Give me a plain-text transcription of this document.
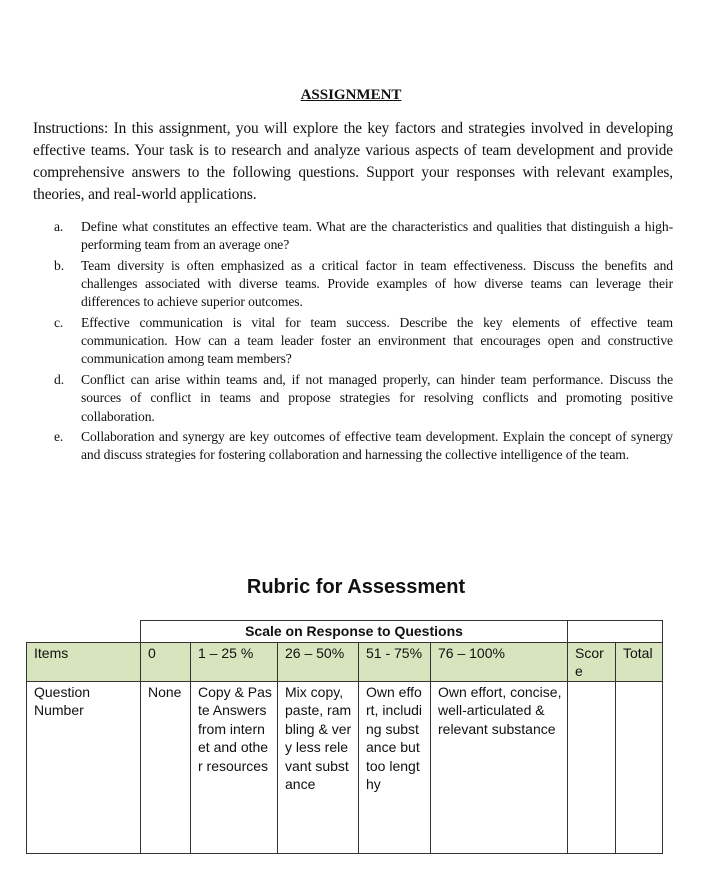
ASSIGNMENT
Instructions: In this assignment, you will explore the key factors and strategies involved in developing effective teams. Your task is to research and analyze various aspects of team development and provide comprehensive answers to the following questions. Support your responses with relevant examples, theories, and real-world applications.
a. Define what constitutes an effective team. What are the characteristics and qualities that distinguish a high-performing team from an average one?
b. Team diversity is often emphasized as a critical factor in team effectiveness. Discuss the benefits and challenges associated with diverse teams. Provide examples of how diverse teams can leverage their differences to achieve superior outcomes.
c. Effective communication is vital for team success. Describe the key elements of effective team communication. How can a team leader foster an environment that encourages open and constructive communication among team members?
d. Conflict can arise within teams and, if not managed properly, can hinder team performance. Discuss the sources of conflict in teams and propose strategies for resolving conflicts and promoting positive collaboration.
e. Collaboration and synergy are key outcomes of effective team development. Explain the concept of synergy and discuss strategies for fostering collaboration and harnessing the collective intelligence of the team.
Rubric for Assessment
	Scale on Response to Questions						
Items	0	1 – 25 %	26 – 50%	51 - 75%	76 – 100%	Score	Total
Question Number	None	Copy & Paste Answers from internet and other resources	Mix copy, paste, rambling & very less relevant substance	Own effort, including substance but too lengthy	Own effort, concise, well-articulated & relevant substance		
